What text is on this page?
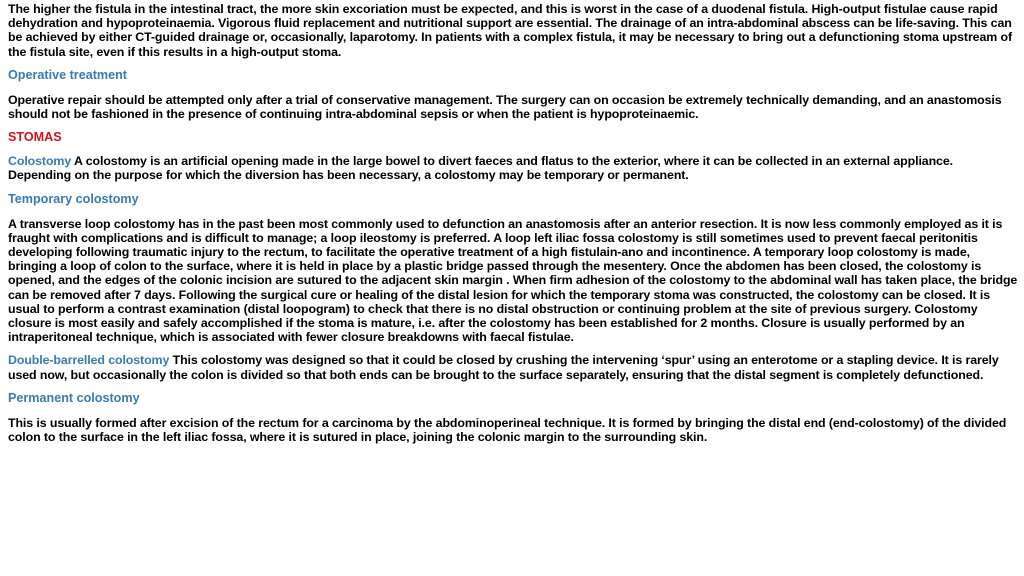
The higher the fistula in the intestinal tract, the more skin excoriation must be expected, and this is worst in the case of a duodenal fistula. High-output fistulae cause rapid dehydration and hypoproteinaemia. Vigorous fluid replacement and nutritional support are essential. The drainage of an intra-abdominal abscess can be life-saving. This can be achieved by either CT-guided drainage or, occasionally, laparotomy. In patients with a complex fistula, it may be necessary to bring out a defunctioning stoma upstream of the fistula site, even if this results in a high-output stoma.

Operative treatment

Operative repair should be attempted only after a trial of conservative management. The surgery can on occasion be extremely technically demanding, and an anastomosis should not be fashioned in the presence of continuing intra-abdominal sepsis or when the patient is hypoproteinaemic.

STOMAS

Colostomy A colostomy is an artificial opening made in the large bowel to divert faeces and flatus to the exterior, where it can be collected in an external appliance. Depending on the purpose for which the diversion has been necessary, a colostomy may be temporary or permanent.

Temporary colostomy

A transverse loop colostomy has in the past been most commonly used to defunction an anastomosis after an anterior resection. It is now less commonly employed as it is fraught with complications and is difficult to manage; a loop ileostomy is preferred. A loop left iliac fossa colostomy is still sometimes used to prevent faecal peritonitis developing following traumatic injury to the rectum, to facilitate the operative treatment of a high fistulain-ano and incontinence. A temporary loop colostomy is made, bringing a loop of colon to the surface, where it is held in place by a plastic bridge passed through the mesentery. Once the abdomen has been closed, the colostomy is opened, and the edges of the colonic incision are sutured to the adjacent skin margin . When firm adhesion of the colostomy to the abdominal wall has taken place, the bridge can be removed after 7 days. Following the surgical cure or healing of the distal lesion for which the temporary stoma was constructed, the colostomy can be closed. It is usual to perform a contrast examination (distal loopogram) to check that there is no distal obstruction or continuing problem at the site of previous surgery. Colostomy closure is most easily and safely accomplished if the stoma is mature, i.e. after the colostomy has been established for 2 months. Closure is usually performed by an intraperitoneal technique, which is associated with fewer closure breakdowns with faecal fistulae.

Double-barrelled colostomy This colostomy was designed so that it could be closed by crushing the intervening ‘spur’ using an enterotome or a stapling device. It is rarely used now, but occasionally the colon is divided so that both ends can be brought to the surface separately, ensuring that the distal segment is completely defunctioned.

Permanent colostomy

This is usually formed after excision of the rectum for a carcinoma by the abdominoperineal technique. It is formed by bringing the distal end (end-colostomy) of the divided colon to the surface in the left iliac fossa, where it is sutured in place, joining the colonic margin to the surrounding skin.
